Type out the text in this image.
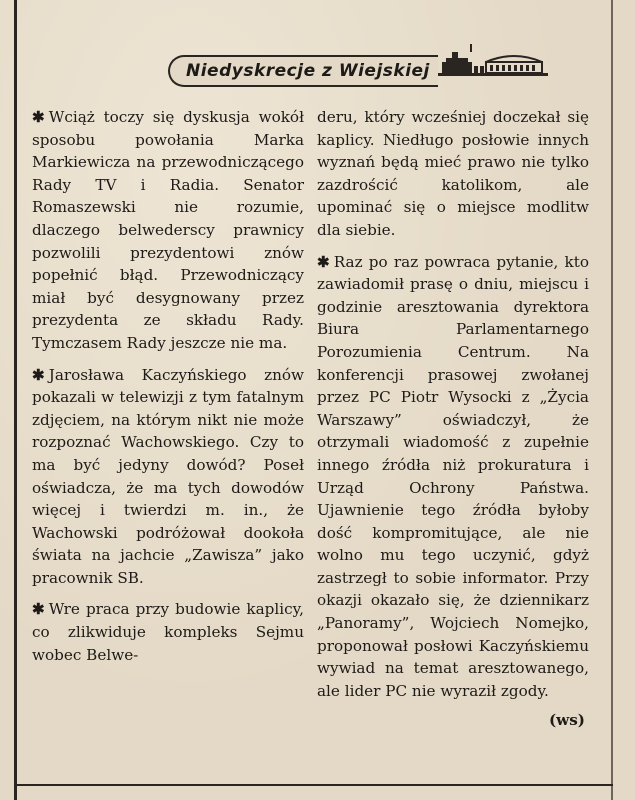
Niedyskrecje z Wiejskiej

✱ Wciąż toczy się dyskusja wokół sposobu powołania Marka Markiewicza na przewodniczącego Rady TV i Radia. Senator Romaszewski nie rozumie, dlaczego belwederscy prawnicy pozwolili prezydentowi znów popełnić błąd. Przewodniczący miał być desygnowany przez prezydenta ze składu Rady. Tymczasem Rady jeszcze nie ma.

✱ Jarosława Kaczyńskiego znów pokazali w telewizji z tym fatalnym zdjęciem, na którym nikt nie może rozpoznać Wachowskiego. Czy to ma być jedyny dowód? Poseł oświadcza, że ma tych dowodów więcej i twierdzi m. in., że Wachowski podróżował dookoła świata na jachcie „Zawisza” jako pracownik SB.

✱ Wre praca przy budowie kaplicy, co zlikwiduje kompleks Sejmu wobec Belwe-

deru, który wcześniej doczekał się kaplicy. Niedługo posłowie innych wyznań będą mieć prawo nie tylko zazdrościć katolikom, ale upominać się o miejsce modlitw dla siebie.

✱ Raz po raz powraca pytanie, kto zawiadomił prasę o dniu, miejscu i godzinie aresztowania dyrektora Biura Parlamentarnego Porozumienia Centrum. Na konferencji prasowej zwołanej przez PC Piotr Wysocki z „Życia Warszawy” oświadczył, że otrzymali wiadomość z zupełnie innego źródła niż prokuratura i Urząd Ochrony Państwa. Ujawnienie tego źródła byłoby dość kompromitujące, ale nie wolno mu tego uczynić, gdyż zastrzegł to sobie informator. Przy okazji okazało się, że dziennikarz „Panoramy”, Wojciech Nomejko, proponował posłowi Kaczyńskiemu wywiad na temat aresztowanego, ale lider PC nie wyraził zgody.

(ws)
